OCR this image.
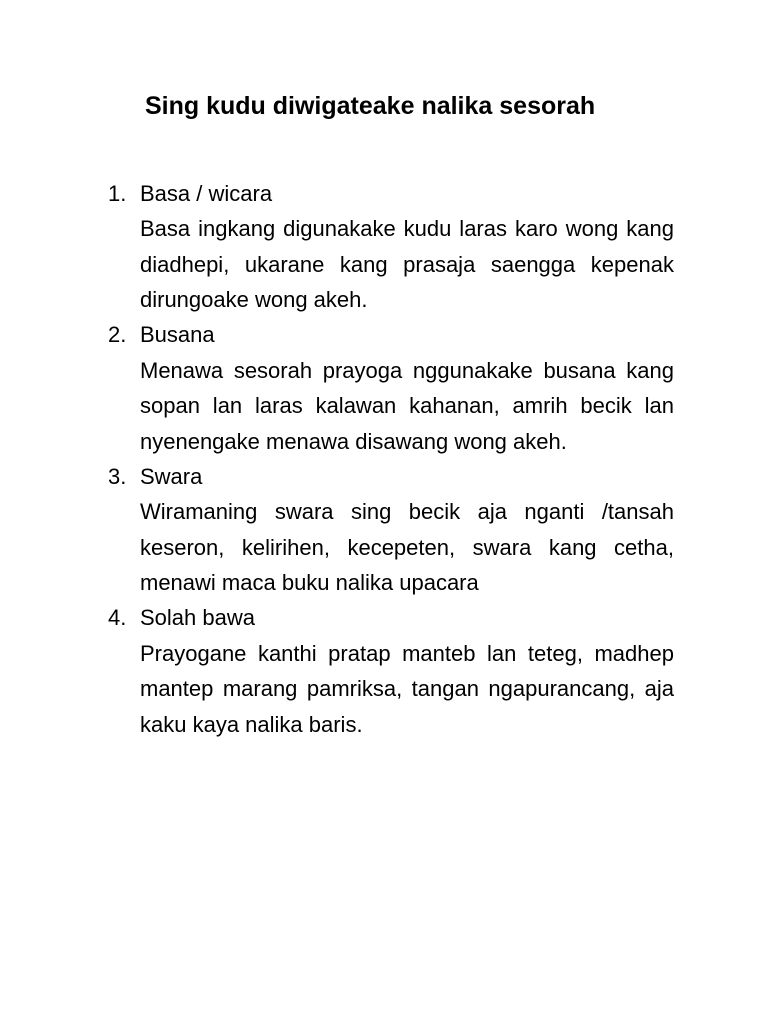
Sing kudu diwigateake nalika sesorah
1. Basa / wicara
Basa ingkang digunakake kudu laras karo wong kang diadhepi, ukarane kang prasaja saengga kepenak dirungoake wong akeh.
2. Busana
Menawa sesorah prayoga nggunakake busana kang sopan lan laras kalawan kahanan, amrih becik lan nyenengake menawa disawang wong akeh.
3. Swara
Wiramaning swara sing becik aja nganti /tansah keseron, kelirihen, kecepeten, swara kang cetha, menawi maca buku nalika upacara
4. Solah bawa
Prayogane kanthi pratap manteb lan teteg, madhep mantep marang pamriksa, tangan ngapurancang, aja kaku kaya nalika baris.
